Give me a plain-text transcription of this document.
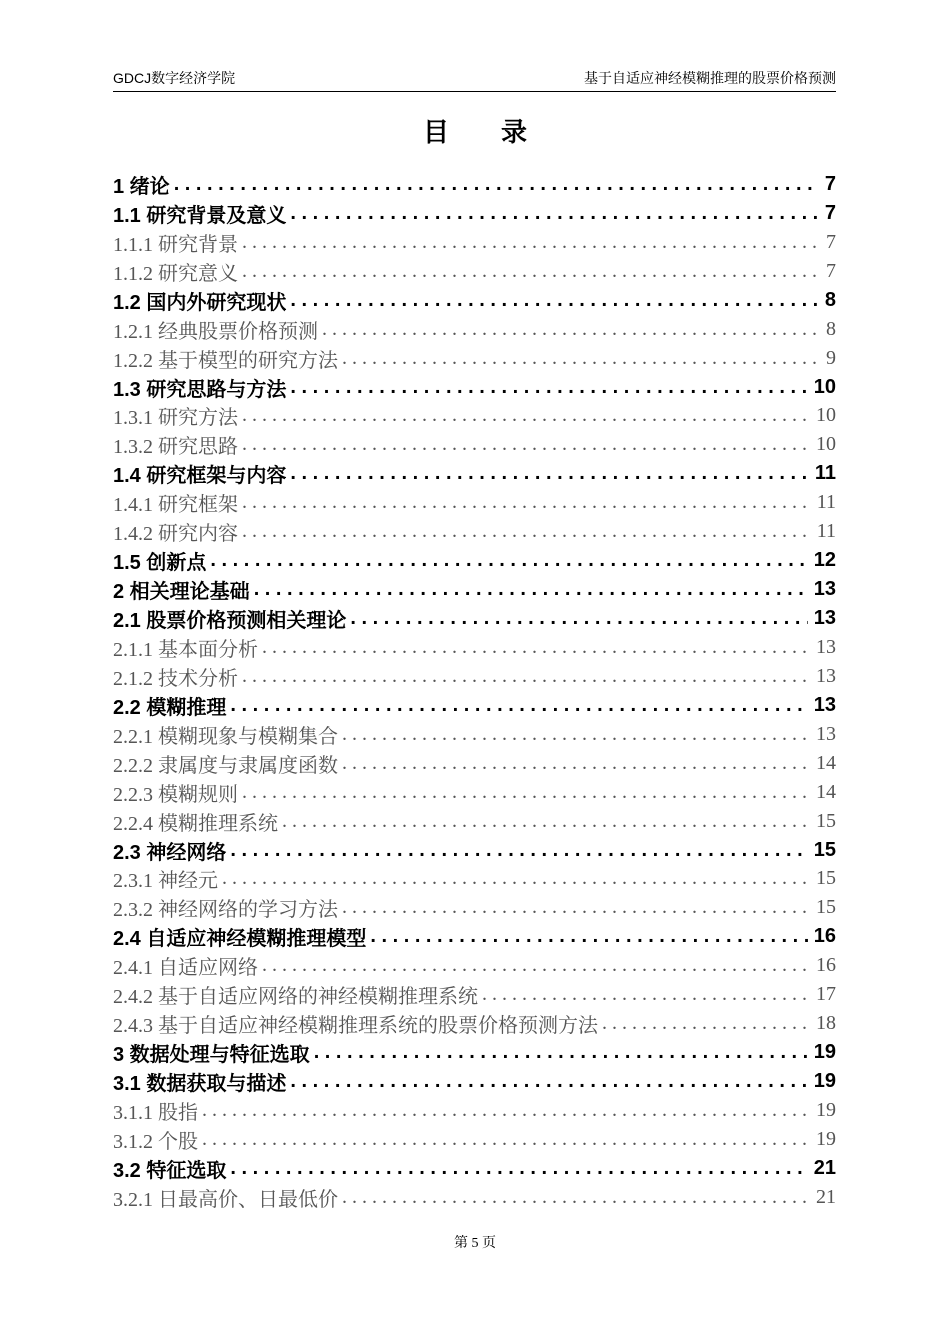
GDCJ数字经济学院	基于自适应神经模糊推理的股票价格预测
目录
1 绪论 . . .	7
1.1 研究背景及意义 . . .	7
1.1.1 研究背景 . . .	7
1.1.2 研究意义 . . .	7
1.2 国内外研究现状 . . .	8
1.2.1 经典股票价格预测 . . .	8
1.2.2 基于模型的研究方法 . . .	9
1.3 研究思路与方法 . . .	10
1.3.1 研究方法 . . .	10
1.3.2 研究思路 . . .	10
1.4 研究框架与内容 . . .	11
1.4.1 研究框架 . . .	11
1.4.2 研究内容 . . .	11
1.5 创新点 . . .	12
2 相关理论基础 . . .	13
2.1 股票价格预测相关理论 . . .	13
2.1.1 基本面分析 . . .	13
2.1.2 技术分析 . . .	13
2.2 模糊推理 . . .	13
2.2.1 模糊现象与模糊集合 . . .	13
2.2.2 隶属度与隶属度函数 . . .	14
2.2.3 模糊规则 . . .	14
2.2.4 模糊推理系统 . . .	15
2.3 神经网络 . . .	15
2.3.1 神经元 . . .	15
2.3.2 神经网络的学习方法 . . .	15
2.4 自适应神经模糊推理模型 . . .	16
2.4.1 自适应网络 . . .	16
2.4.2 基于自适应网络的神经模糊推理系统 . . .	17
2.4.3 基于自适应神经模糊推理系统的股票价格预测方法 . . .	18
3 数据处理与特征选取 . . .	19
3.1 数据获取与描述 . . .	19
3.1.1 股指 . . .	19
3.1.2 个股 . . .	19
3.2 特征选取 . . .	21
3.2.1 日最高价、日最低价 . . .	21
第 5 页
